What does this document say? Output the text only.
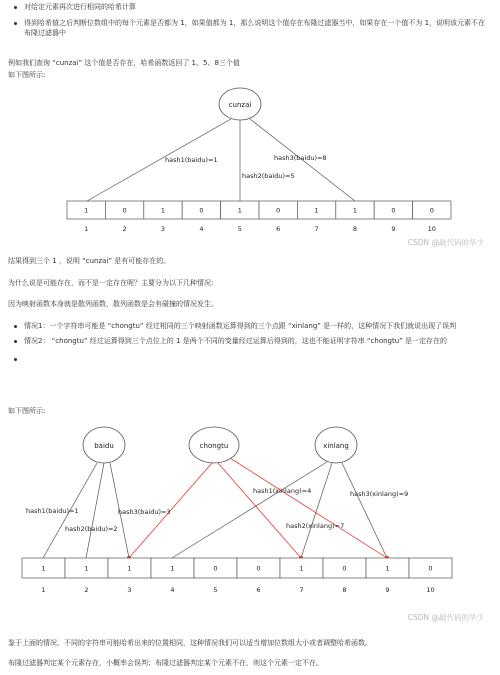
对给定元素再次进行相同的哈希计算
得到哈希值之后判断位数组中的每个元素是否都为 1，如果值都为 1，那么说明这个值存在布隆过滤器当中，如果存在一个值不为 1，说明该元素不在布隆过滤器中
例如我们查询 “cunzai” 这个值是否存在，哈希函数返回了 1、5、8三个值
如下图所示:
cunzai
hash1(baidu)=1
hash2(baidu)=5
hash3(baidu)=8
1	0	1	0	1	0	1	1	0	0
1	2	3	4	5	6	7	8	9	10
CSDN @敲代码的华少
结果得到三个 1 ，说明 “cunzai” 是有可能存在的。
为什么说是可能存在，而不是一定存在呢？主要分为以下几种情况:
因为映射函数本身就是散列函数，散列函数是会有碰撞的情况发生。
情况1：一个字符串可能是 “chongtu” 经过相同的三个映射函数运算得到的三个点跟 “xinlang” 是一样的，这种情况下我们就说出现了误判
情况2： “chongtu” 经过运算得到三个点位上的 1 是两个不同的变量经过运算后得到的，这也不能证明字符串 “chongtu” 是一定存在的
如下图所示:
baidu	chongtu	xinlang
hash1(baidu)=1
hash2(baidu)=2
hash3(baidu)=3
hash1(xinlang)=4
hash2(xinlang)=7
hash3(xinlang)=9
1	1	1	1	0	0	1	0	1	0
1	2	3	4	5	6	7	8	9	10
CSDN @敲代码的华少
鉴于上面的情况，不同的字符串可能哈希出来的位置相同，这种情况我们可以适当增加位数组大小或者调整哈希函数。
布隆过滤器判定某个元素存在，小概率会误判；布隆过滤器判定某个元素不在，则这个元素一定不在。
